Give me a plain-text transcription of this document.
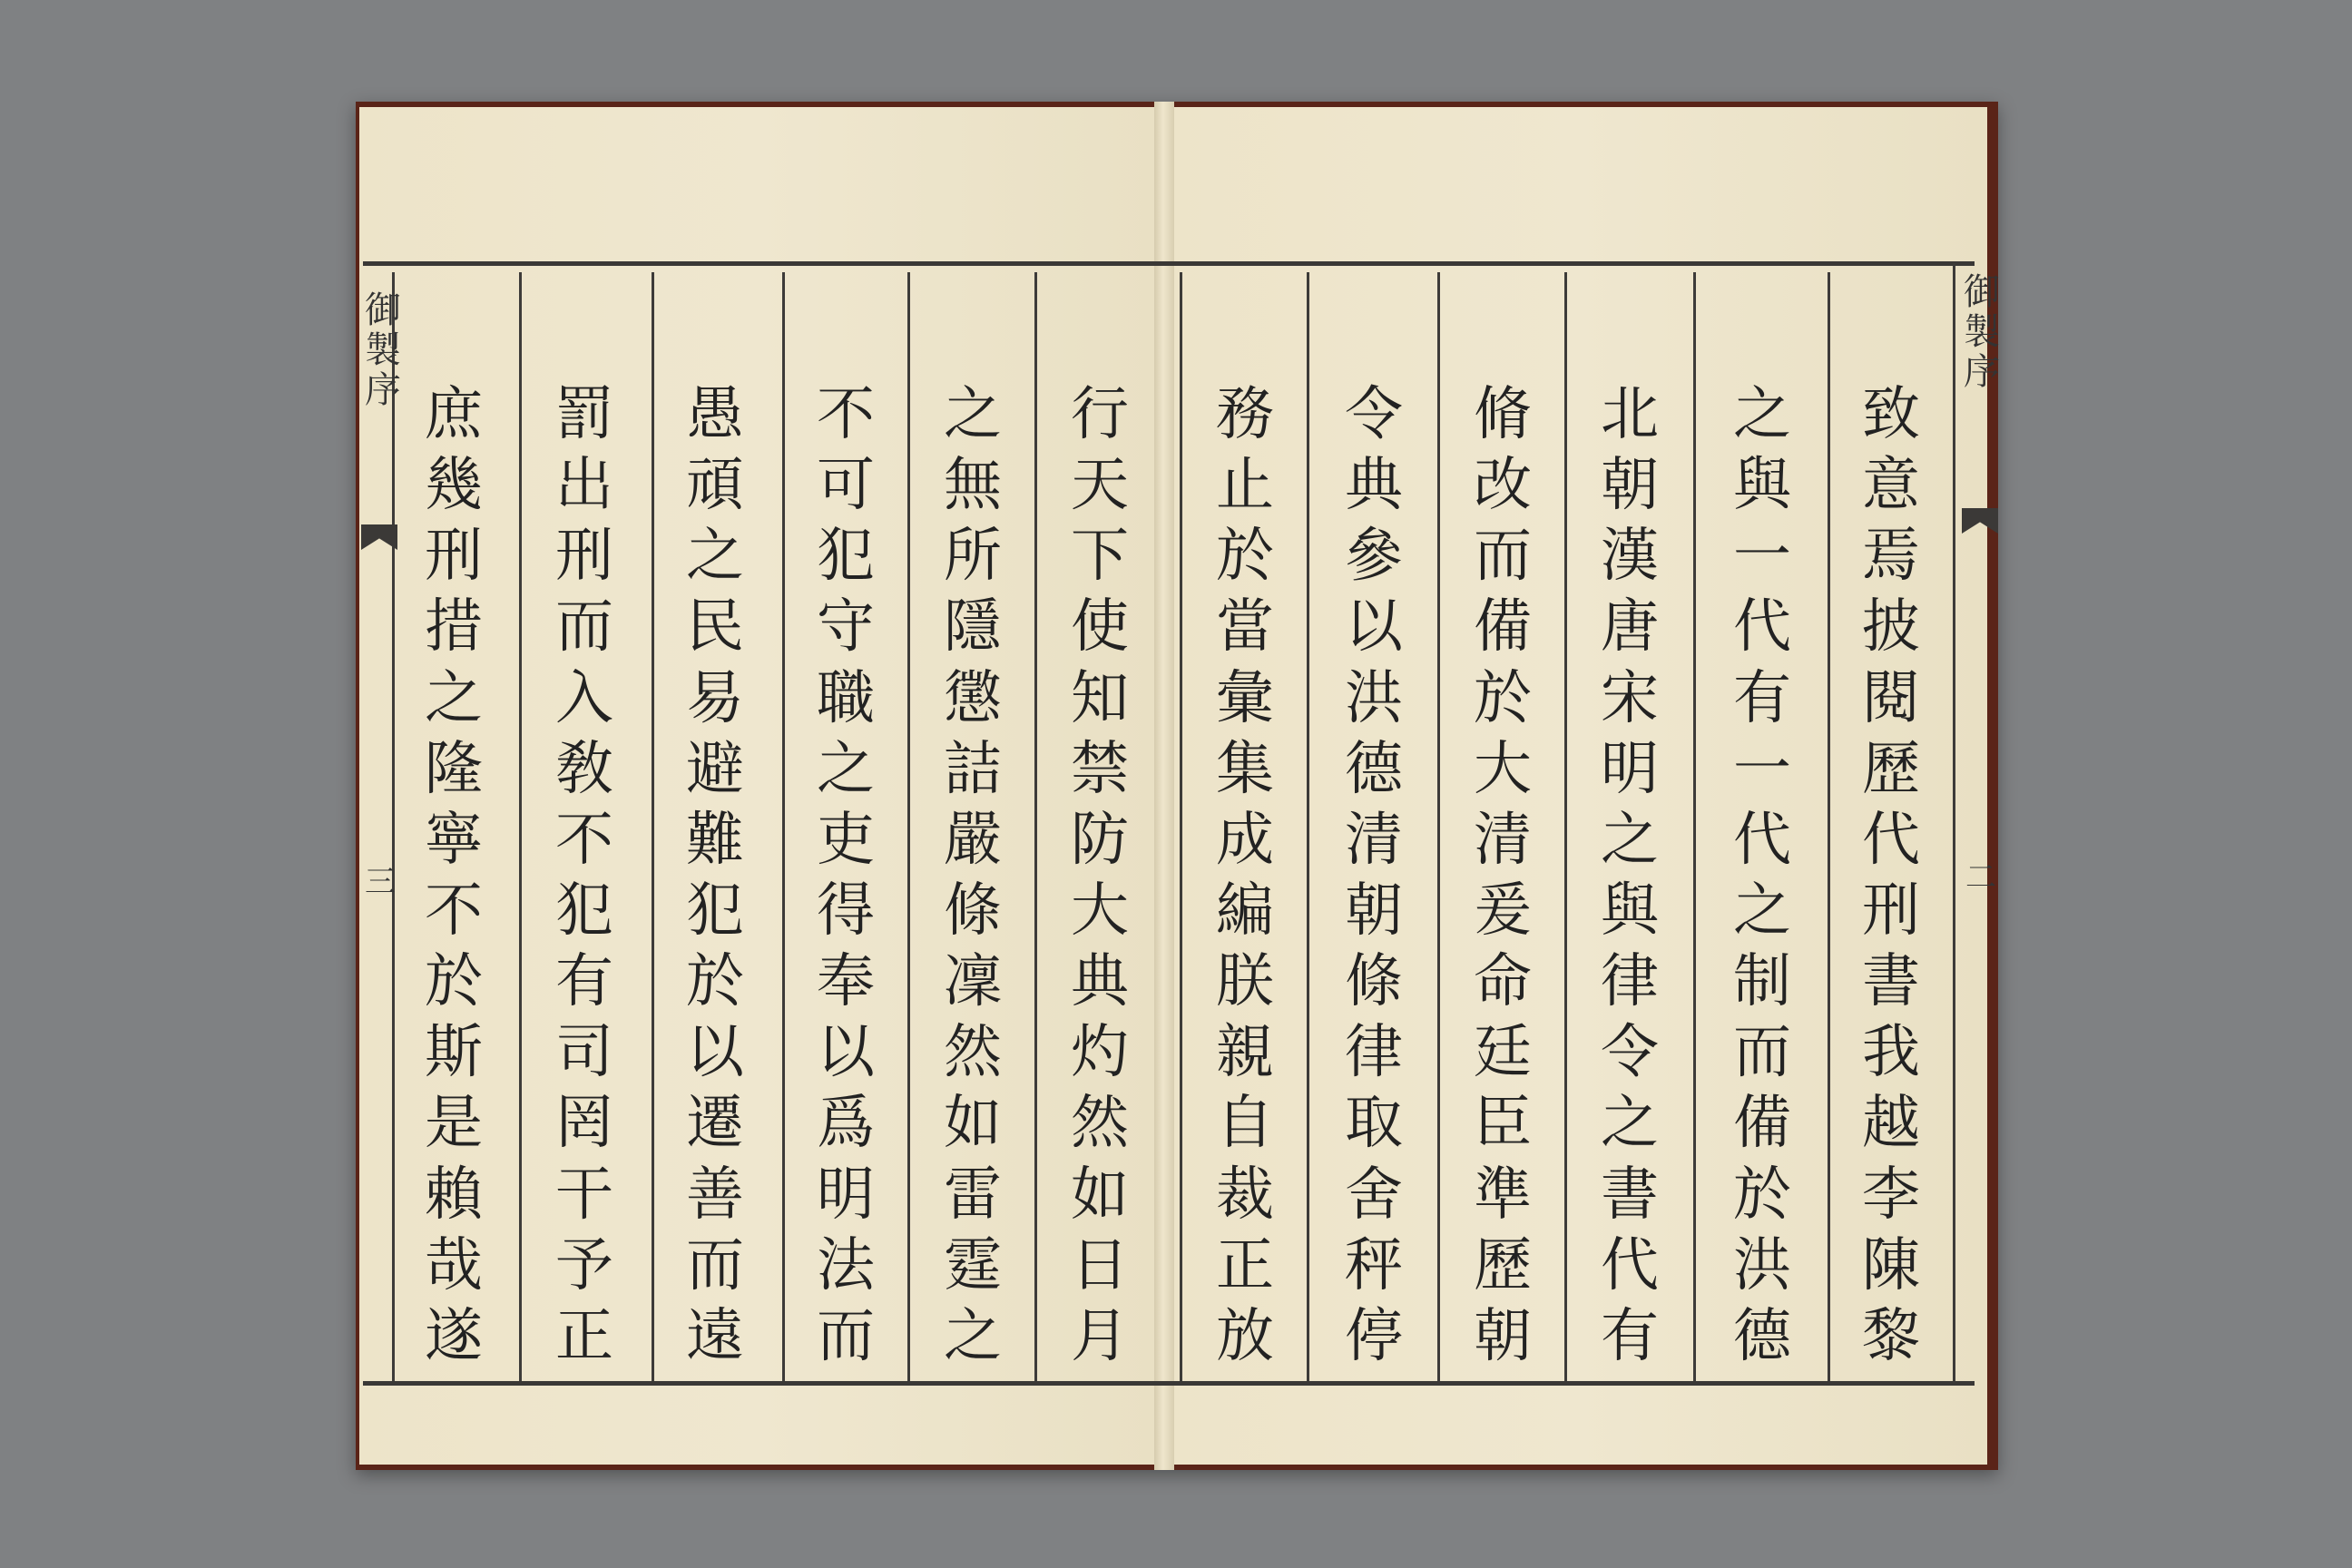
御製序
二
御製序
三
致
意
焉
披
閱
歷
代
刑
書
我
越
李
陳
黎
之
與
一
代
有
一
代
之
制
而
備
於
洪
德
北
朝
漢
唐
宋
明
之
與
律
令
之
書
代
有
脩
改
而
備
於
大
清
爰
命
廷
臣
準
歷
朝
令
典
參
以
洪
德
清
朝
條
律
取
舍
秤
停
務
止
於
當
彙
集
成
編
朕
親
自
裁
正
放
行
天
下
使
知
禁
防
大
典
灼
然
如
日
月
之
無
所
隱
懲
詰
嚴
條
凜
然
如
雷
霆
之
不
可
犯
守
職
之
吏
得
奉
以
爲
明
法
而
愚
頑
之
民
易
避
難
犯
於
以
遷
善
而
遠
罰
出
刑
而
入
敎
不
犯
有
司
罔
干
予
正
庶
幾
刑
措
之
隆
寧
不
於
斯
是
賴
哉
遂
